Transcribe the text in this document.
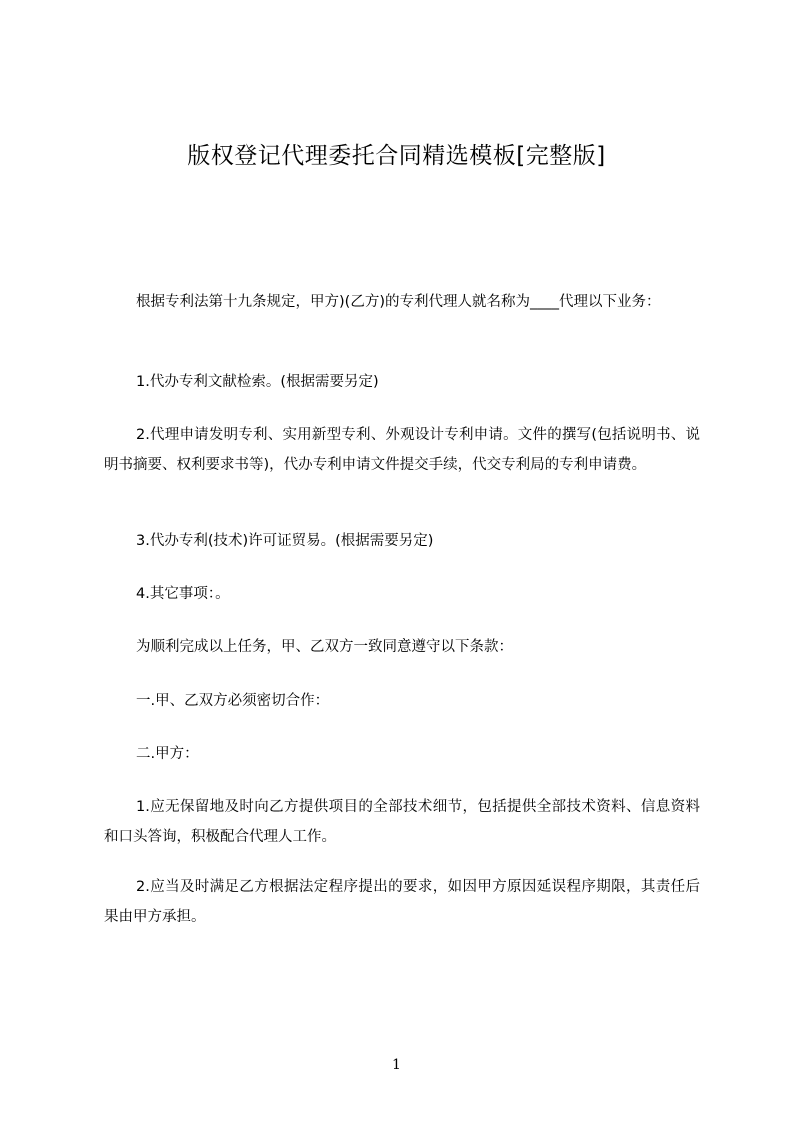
版权登记代理委托合同精选模板[完整版]
根据专利法第十九条规定，甲方)(乙方)的专利代理人就名称为____代理以下业务：
1.代办专利文献检索。(根据需要另定)
2.代理申请发明专利、实用新型专利、外观设计专利申请。文件的撰写(包括说明书、说明书摘要、权利要求书等)，代办专利申请文件提交手续，代交专利局的专利申请费。
3.代办专利(技术)许可证贸易。(根据需要另定)
4.其它事项：。
为顺利完成以上任务，甲、乙双方一致同意遵守以下条款：
一.甲、乙双方必须密切合作：
二.甲方：
1.应无保留地及时向乙方提供项目的全部技术细节，包括提供全部技术资料、信息资料和口头答询，积极配合代理人工作。
2.应当及时满足乙方根据法定程序提出的要求，如因甲方原因延误程序期限，其责任后果由甲方承担。
1
